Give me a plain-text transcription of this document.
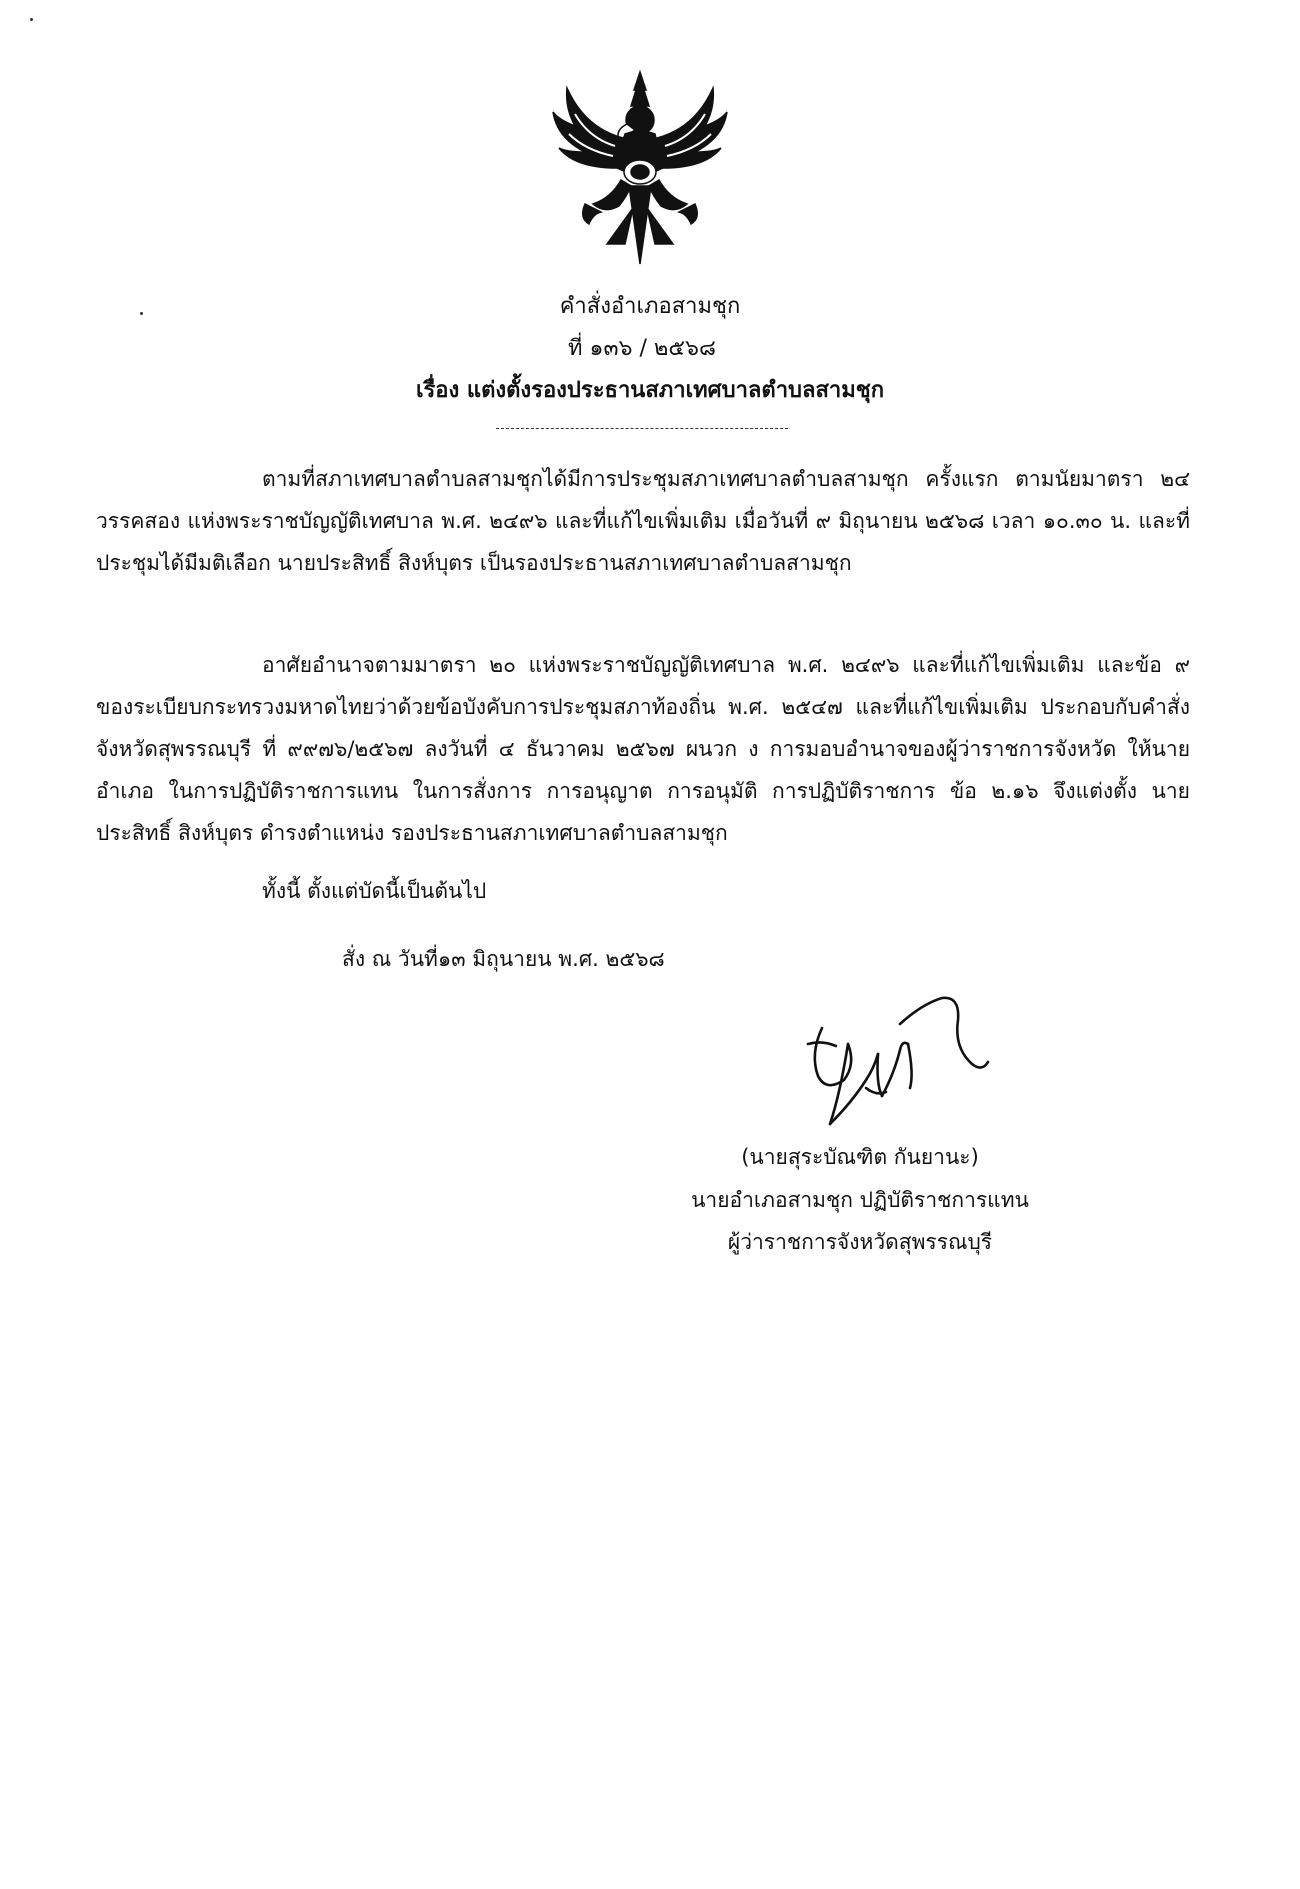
คำสั่งอำเภอสามชุก
ที่ ๑๓๖ / ๒๕๖๘
เรื่อง แต่งตั้งรองประธานสภาเทศบาลตำบลสามชุก
ตามที่สภาเทศบาลตำบลสามชุกได้มีการประชุมสภาเทศบาลตำบลสามชุก ครั้งแรก ตามนัยมาตรา ๒๔ วรรคสอง แห่งพระราชบัญญัติเทศบาล พ.ศ. ๒๔๙๖ และที่แก้ไขเพิ่มเติม เมื่อวันที่ ๙ มิถุนายน ๒๕๖๘ เวลา ๑๐.๓๐ น. และที่ประชุมได้มีมติเลือก นายประสิทธิ์ สิงห์บุตร เป็นรองประธานสภาเทศบาลตำบลสามชุก
อาศัยอำนาจตามมาตรา ๒๐ แห่งพระราชบัญญัติเทศบาล พ.ศ. ๒๔๙๖ และที่แก้ไขเพิ่มเติม และข้อ ๙ ของระเบียบกระทรวงมหาดไทยว่าด้วยข้อบังคับการประชุมสภาท้องถิ่น พ.ศ. ๒๕๔๗ และที่แก้ไขเพิ่มเติม ประกอบกับคำสั่งจังหวัดสุพรรณบุรี ที่ ๙๙๗๖/๒๕๖๗ ลงวันที่ ๔ ธันวาคม ๒๕๖๗ ผนวก ง การมอบอำนาจของผู้ว่าราชการจังหวัด ให้นายอำเภอ ในการปฏิบัติราชการแทน ในการสั่งการ การอนุญาต การอนุมัติ การปฏิบัติราชการ ข้อ ๒.๑๖ จึงแต่งตั้ง นายประสิทธิ์ สิงห์บุตร ดำรงตำแหน่ง รองประธานสภาเทศบาลตำบลสามชุก
ทั้งนี้ ตั้งแต่บัดนี้เป็นต้นไป
สั่ง ณ วันที่๑๓ มิถุนายน พ.ศ. ๒๕๖๘
(นายสุระบัณฑิต กันยานะ)
นายอำเภอสามชุก ปฏิบัติราชการแทน
ผู้ว่าราชการจังหวัดสุพรรณบุรี
